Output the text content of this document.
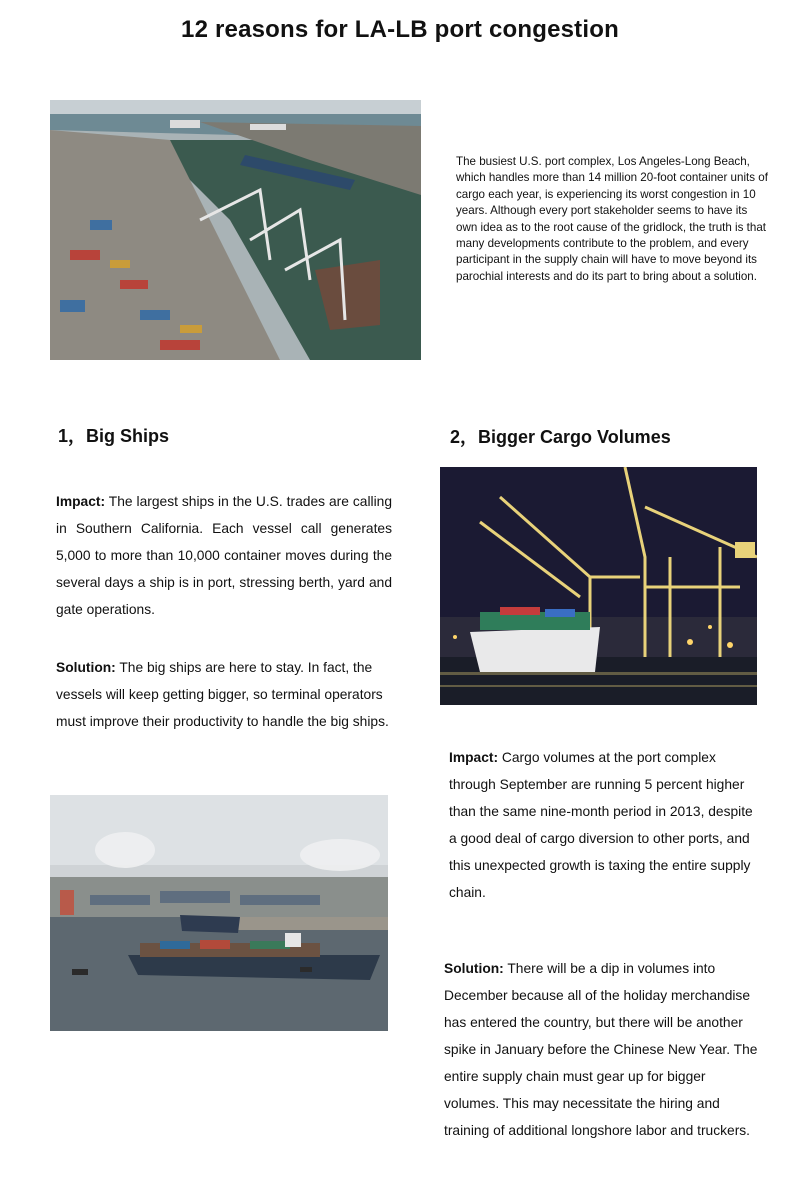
12 reasons for LA-LB port congestion

The busiest U.S. port complex, Los Angeles-Long Beach, which handles more than 14 million 20-foot container units of cargo each year, is experiencing its worst congestion in 10 years. Although every port stakeholder seems to have its own idea as to the root cause of the gridlock, the truth is that many developments contribute to the problem, and every participant in the supply chain will have to move beyond its parochial interests and do its part to bring about a solution.

1，Big Ships

Impact: The largest ships in the U.S. trades are calling in Southern California. Each vessel call generates 5,000 to more than 10,000 container moves during the several days a ship is in port, stressing berth, yard and gate operations.

Solution: The big ships are here to stay. In fact, the vessels will keep getting bigger, so terminal operators must improve their productivity to handle the big ships.

2，Bigger Cargo Volumes

Impact: Cargo volumes at the port complex through September are running 5 percent higher than the same nine-month period in 2013, despite a good deal of cargo diversion to other ports, and this unexpected growth is taxing the entire supply chain.

Solution: There will be a dip in volumes into December because all of the holiday merchandise has entered the country, but there will be another spike in January before the Chinese New Year. The entire supply chain must gear up for bigger volumes. This may necessitate the hiring and training of additional longshore labor and truckers.
